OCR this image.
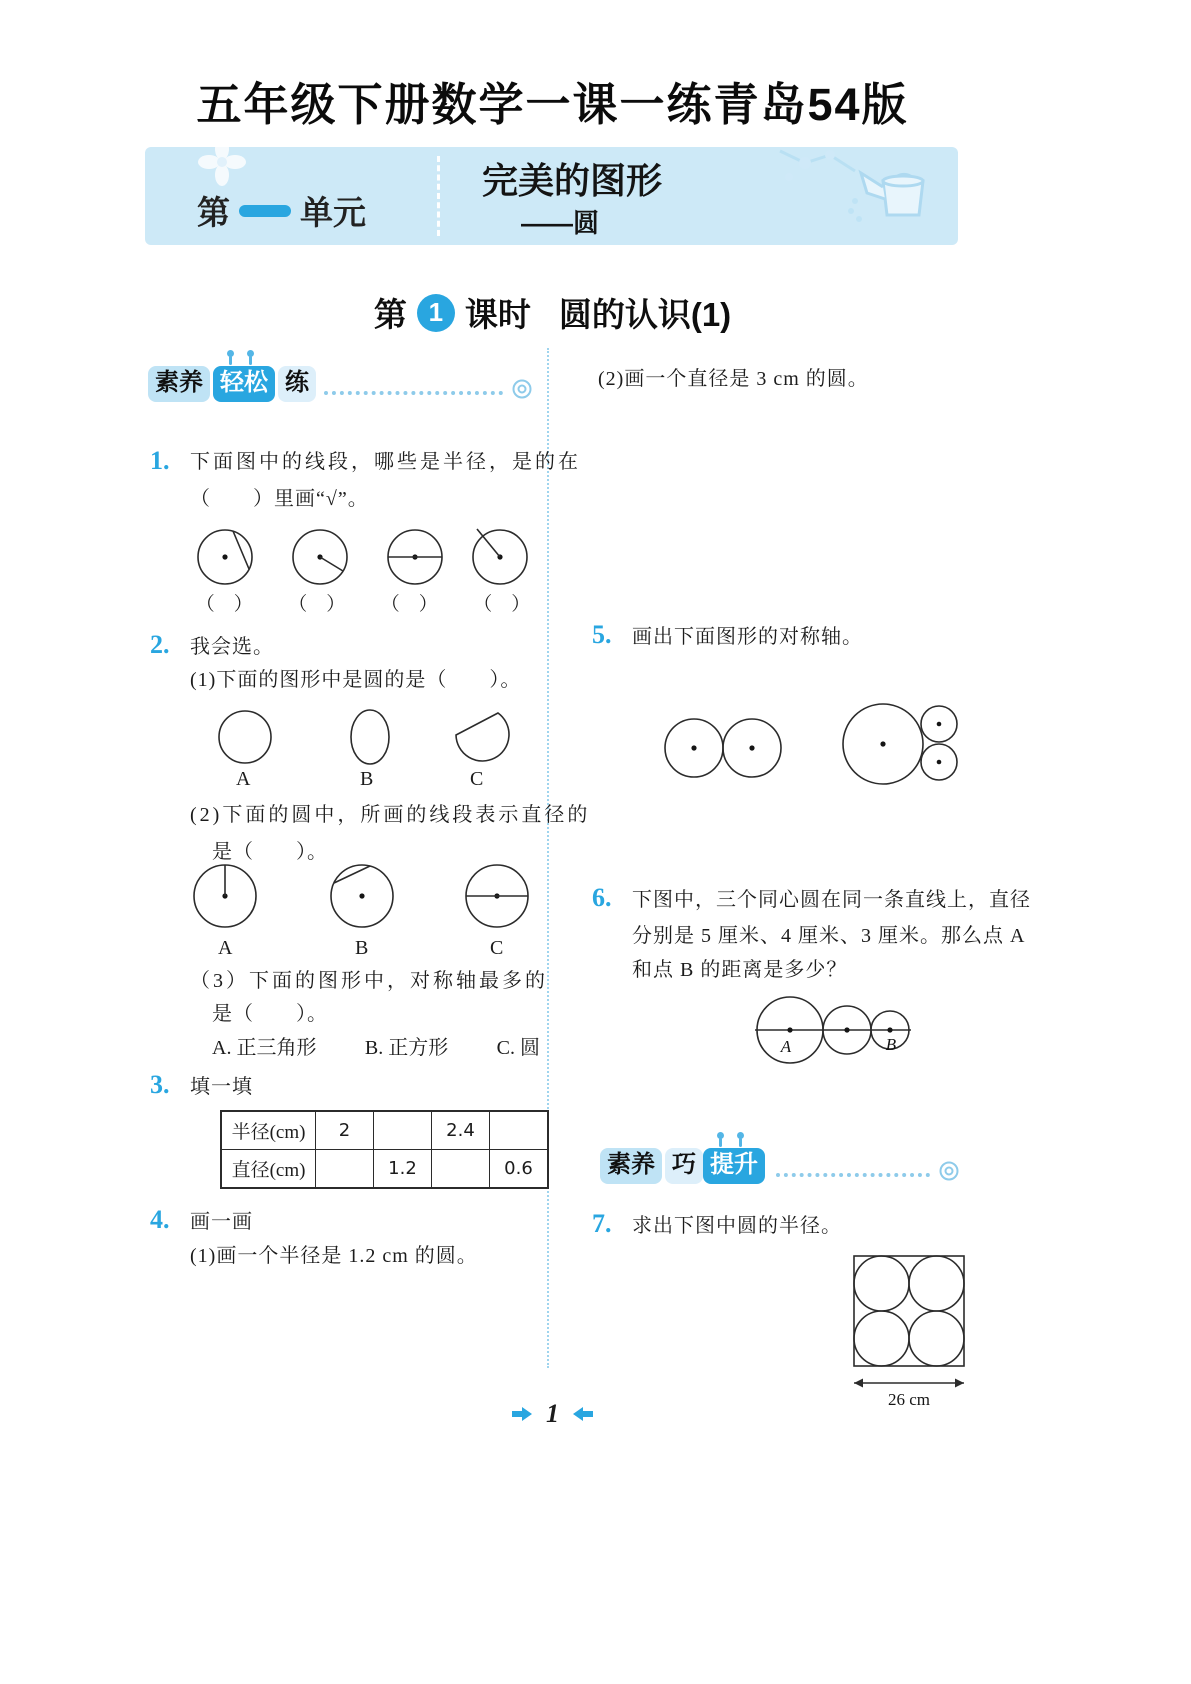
五年级下册数学一课一练青岛54版
第 单元
完美的图形
——圆
第 1 课时 圆的认识(1)
素养 轻松 练
1. 下面图中的线段，哪些是半径，是的在
（　　）里画“√”。
（　）	（　）	（　）	（　）
2. 我会选。
(1)下面的图形中是圆的是（　　）。
A	B	C
(2)下面的圆中，所画的线段表示直径的
是（　　）。
A	B	C
（3）下面的图形中，对称轴最多的
是（　　）。
A. 正三角形 B. 正方形 C. 圆
3. 填一填
半径(cm)	2		2.4	
直径(cm)		1.2		0.6
4. 画一画
(1)画一个半径是 1.2 cm 的圆。
(2)画一个直径是 3 cm 的圆。
5. 画出下面图形的对称轴。
6. 下图中，三个同心圆在同一条直线上，直径
分别是 5 厘米、4 厘米、3 厘米。那么点 A
和点 B 的距离是多少？
A	B
素养 巧 提升
7. 求出下图中圆的半径。
26 cm
1
